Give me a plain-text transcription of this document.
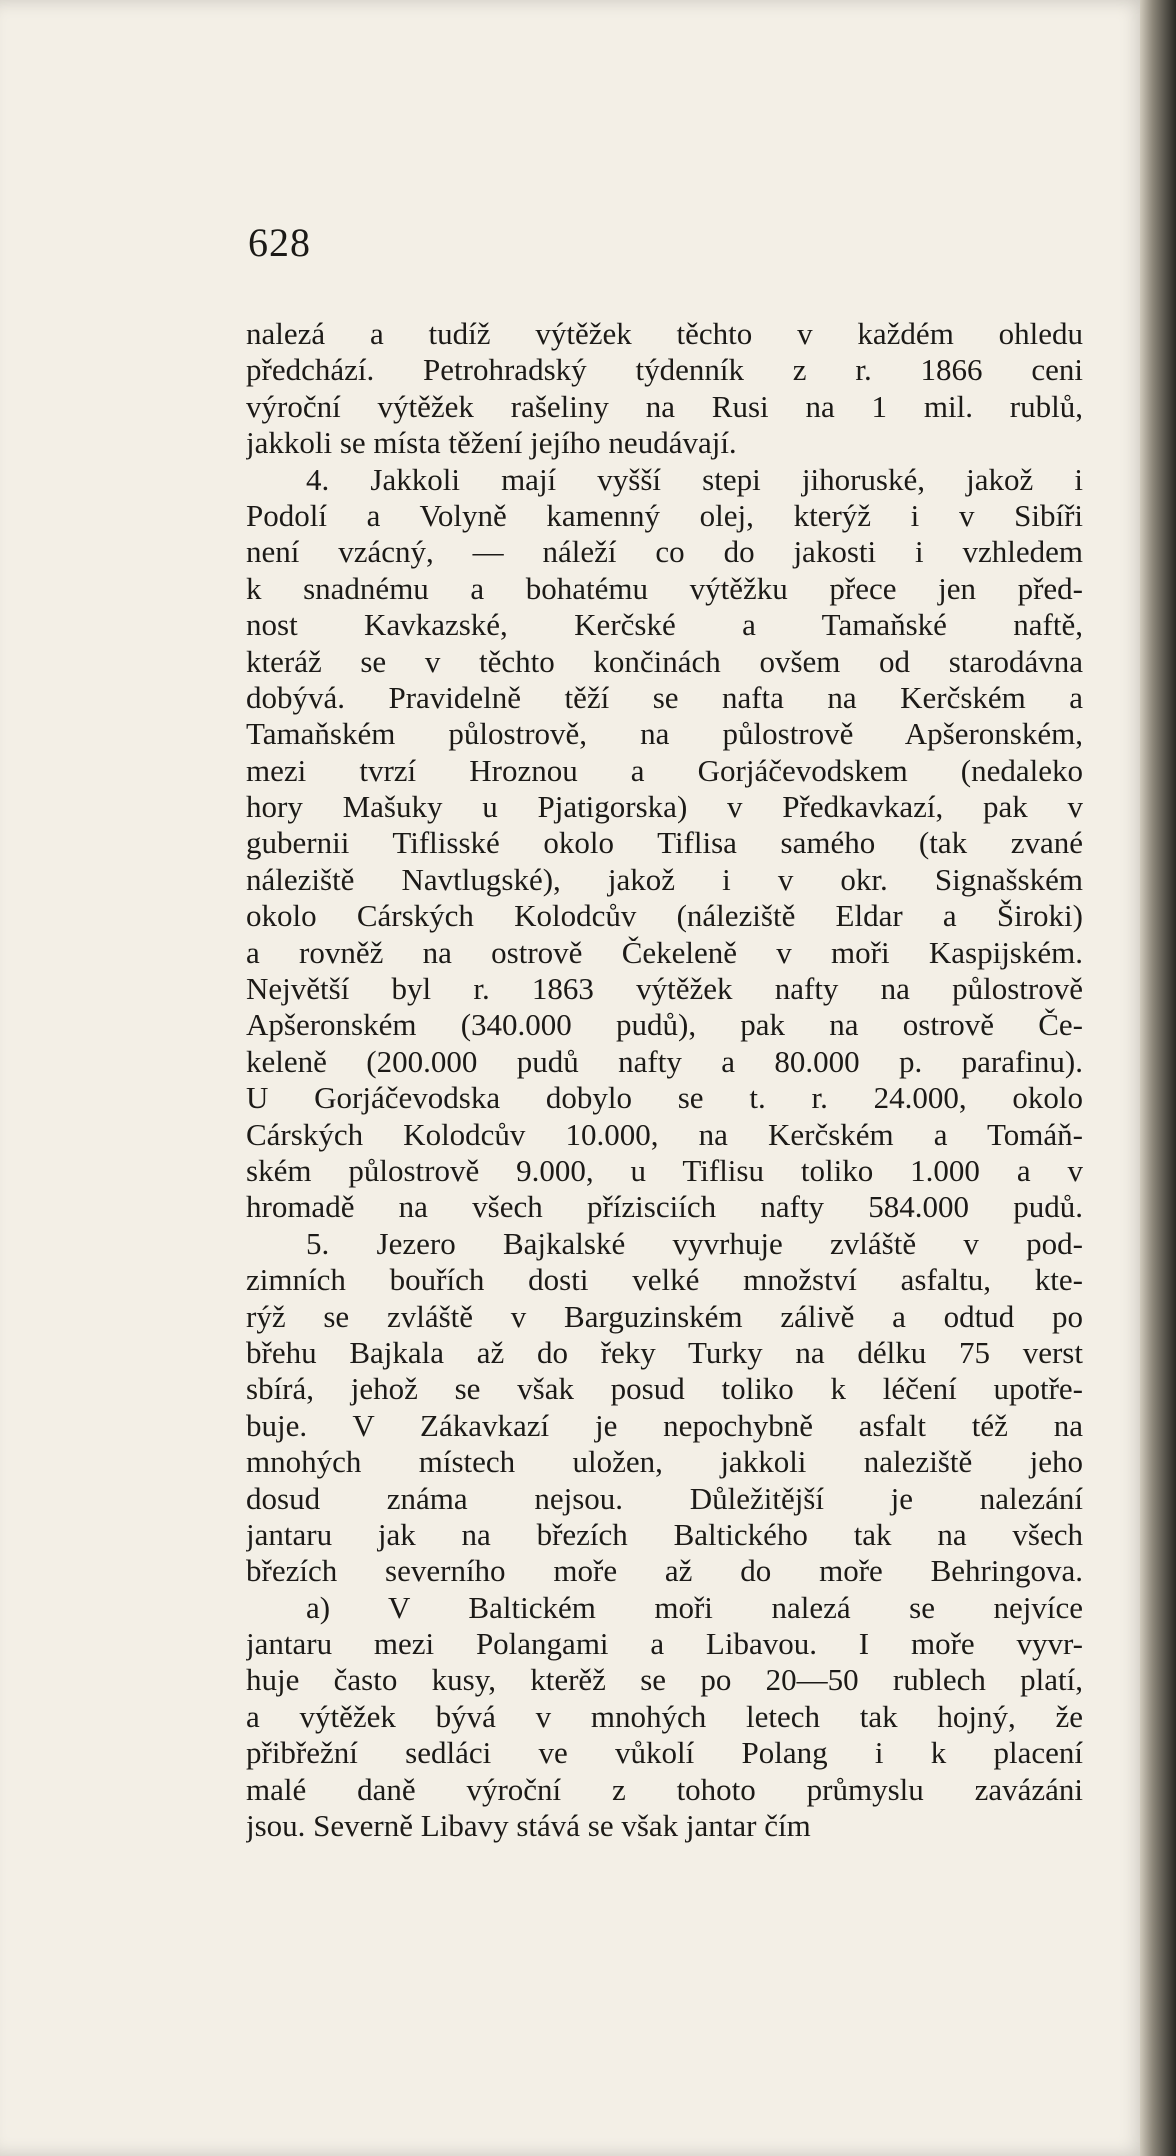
628
nalezá a tudíž výtěžek těchto v každém ohledu
předchází. Petrohradský týdenník z r. 1866 ceni
výroční výtěžek rašeliny na Rusi na 1 mil. rublů,
jakkoli se místa těžení jejího neudávají.
4. Jakkoli mají vyšší stepi jihoruské, jakož i
Podolí a Volyně kamenný olej, kterýž i v Sibíři
není vzácný, — náleží co do jakosti i vzhledem
k snadnému a bohatému výtěžku přece jen před-
nost Kavkazské, Kerčské a Tamaňské naftě,
kteráž se v těchto končinách ovšem od starodávna
dobývá. Pravidelně těží se nafta na Kerčském a
Tamaňském půlostrově, na půlostrově Apšeronském,
mezi tvrzí Hroznou a Gorjáčevodskem (nedaleko
hory Mašuky u Pjatigorska) v Předkavkazí, pak v
gubernii Tiflisské okolo Tiflisa samého (tak zvané
náleziště Navtlugské), jakož i v okr. Signašském
okolo Cárských Kolodcův (náleziště Eldar a Široki)
a rovněž na ostrově Čekeleně v moři Kaspijském.
Největší byl r. 1863 výtěžek nafty na půlostrově
Apšeronském (340.000 pudů), pak na ostrově Če-
keleně (200.000 pudů nafty a 80.000 p. parafinu).
U Gorjáčevodska dobylo se t. r. 24.000, okolo
Cárských Kolodcův 10.000, na Kerčském a Tomáň-
ském půlostrově 9.000, u Tiflisu toliko 1.000 a v
hromadě na všech přízisciích nafty 584.000 pudů.
5. Jezero Bajkalské vyvrhuje zvláště v pod-
zimních bouřích dosti velké množství asfaltu, kte-
rýž se zvláště v Barguzinském zálivě a odtud po
břehu Bajkala až do řeky Turky na délku 75 verst
sbírá, jehož se však posud toliko k léčení upotře-
buje. V Zákavkazí je nepochybně asfalt též na
mnohých místech uložen, jakkoli naleziště jeho
dosud známa nejsou. Důležitější je nalezání
jantaru jak na březích Baltického tak na všech
březích severního moře až do moře Behringova.
a) V Baltickém moři nalezá se nejvíce
jantaru mezi Polangami a Libavou. I moře vyvr-
huje často kusy, kterěž se po 20—50 rublech platí,
a výtěžek bývá v mnohých letech tak hojný, že
přibřežní sedláci ve vůkolí Polang i k placení
malé daně výroční z tohoto průmyslu zavázáni
jsou. Severně Libavy stává se však jantar čím
